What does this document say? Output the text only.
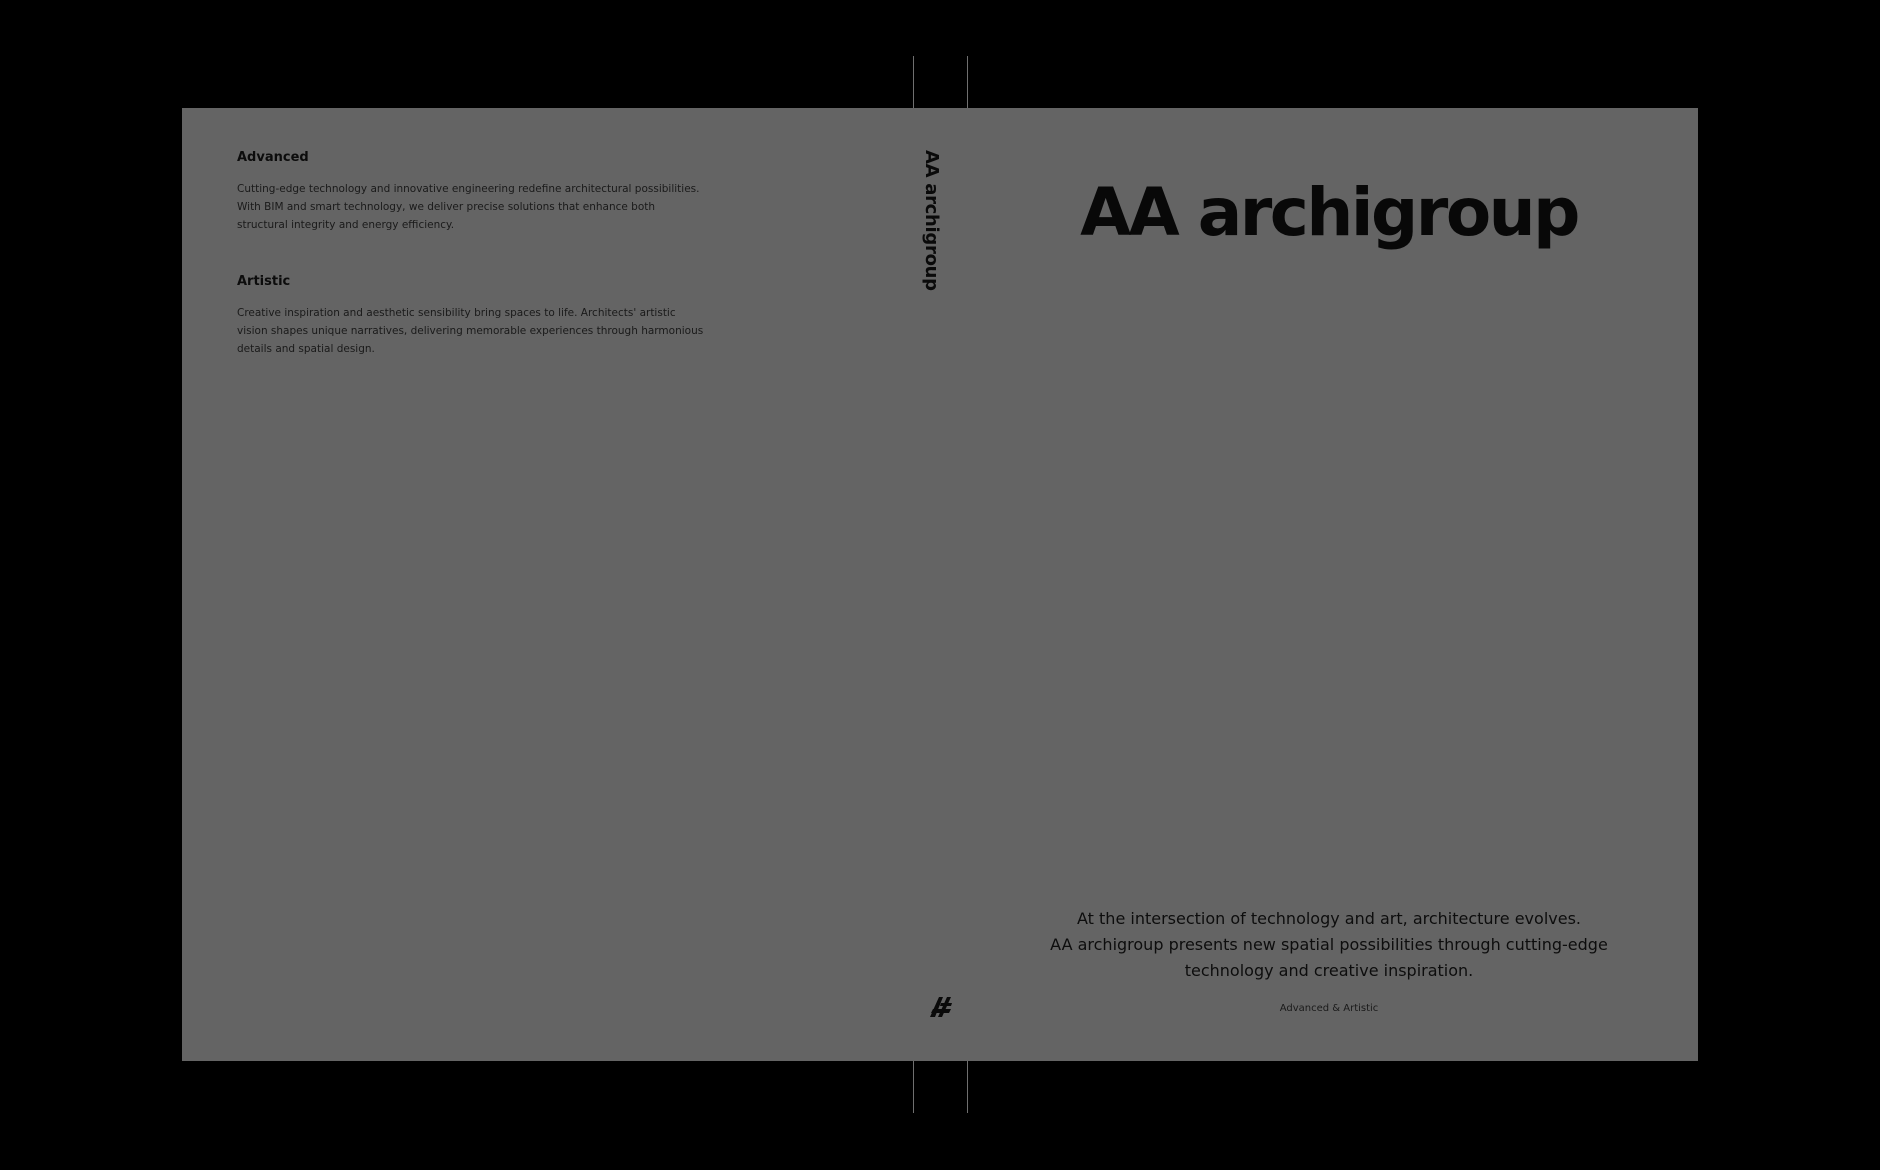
Advanced

Cutting-edge technology and innovative engineering redefine architectural possibilities. With BIM and smart technology, we deliver precise solutions that enhance both structural integrity and energy efficiency.

Artistic

Creative inspiration and aesthetic sensibility bring spaces to life. Architects' artistic vision shapes unique narratives, delivering memorable experiences through harmonious details and spatial design.

AA archigroup	AA archigroup

At the intersection of technology and art, architecture evolves.
AA archigroup presents new spatial possibilities through cutting-edge
technology and creative inspiration.

Advanced & Artistic
